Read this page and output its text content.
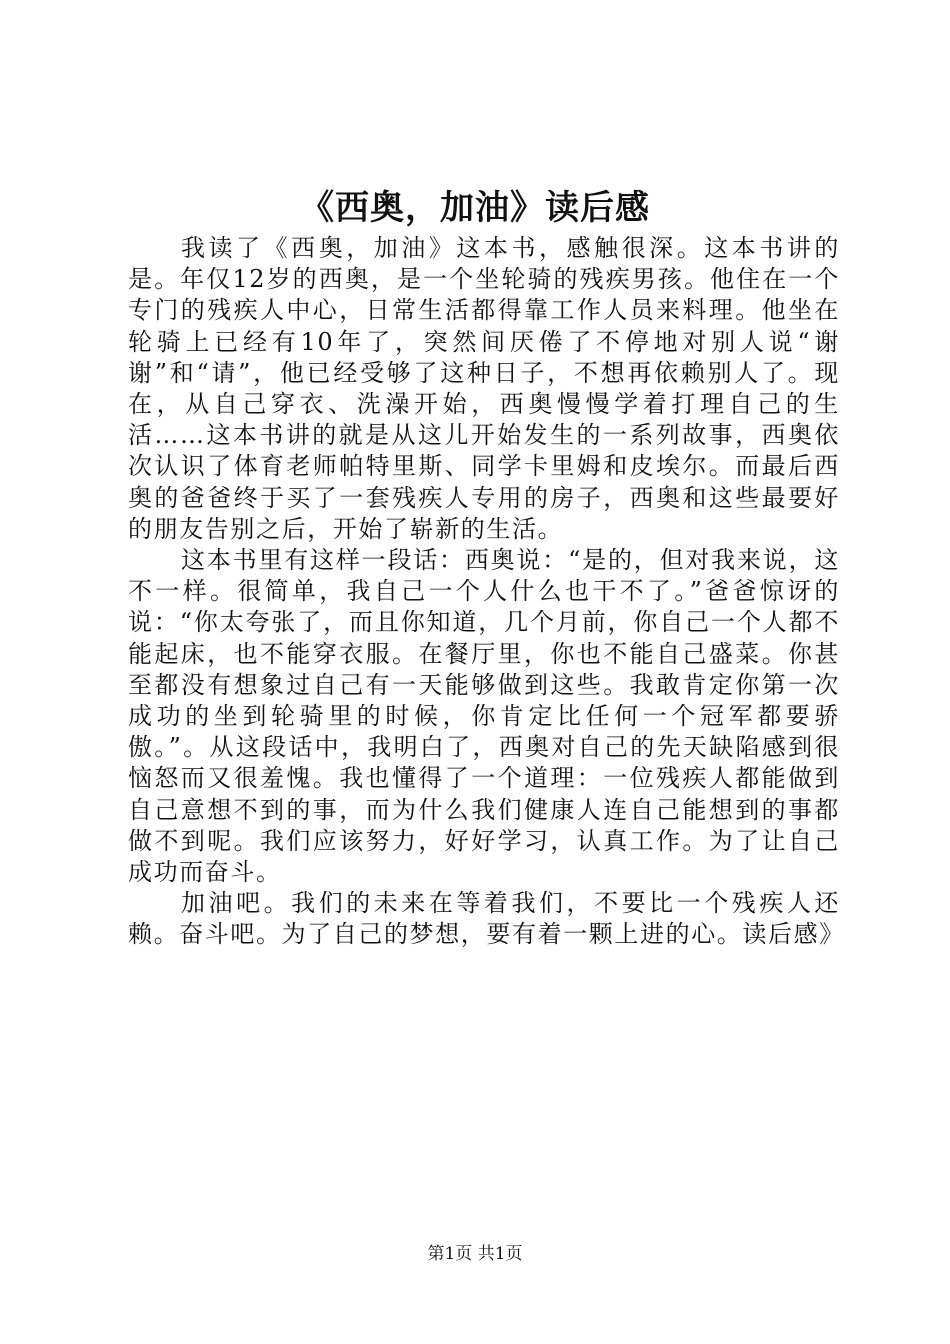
《西奥，加油》读后感

我读了《西奥，加油》这本书，感触很深。这本书讲的是。年仅12岁的西奥，是一个坐轮骑的残疾男孩。他住在一个专门的残疾人中心，日常生活都得靠工作人员来料理。他坐在轮骑上已经有10年了，突然间厌倦了不停地对别人说“谢谢”和“请”，他已经受够了这种日子，不想再依赖别人了。现在，从自己穿衣、洗澡开始，西奥慢慢学着打理自己的生活……这本书讲的就是从这儿开始发生的一系列故事，西奥依次认识了体育老师帕特里斯、同学卡里姆和皮埃尔。而最后西奥的爸爸终于买了一套残疾人专用的房子，西奥和这些最要好的朋友告别之后，开始了崭新的生活。

这本书里有这样一段话：西奥说：“是的，但对我来说，这不一样。很简单，我自己一个人什么也干不了。”爸爸惊讶的说：“你太夸张了，而且你知道，几个月前，你自己一个人都不能起床，也不能穿衣服。在餐厅里，你也不能自己盛菜。你甚至都没有想象过自己有一天能够做到这些。我敢肯定你第一次成功的坐到轮骑里的时候，你肯定比任何一个冠军都要骄傲。”。从这段话中，我明白了，西奥对自己的先天缺陷感到很恼怒而又很羞愧。我也懂得了一个道理：一位残疾人都能做到自己意想不到的事，而为什么我们健康人连自己能想到的事都做不到呢。我们应该努力，好好学习，认真工作。为了让自己成功而奋斗。

加油吧。我们的未来在等着我们，不要比一个残疾人还赖。奋斗吧。为了自己的梦想，要有着一颗上进的心。读后感》

第1页 共1页
